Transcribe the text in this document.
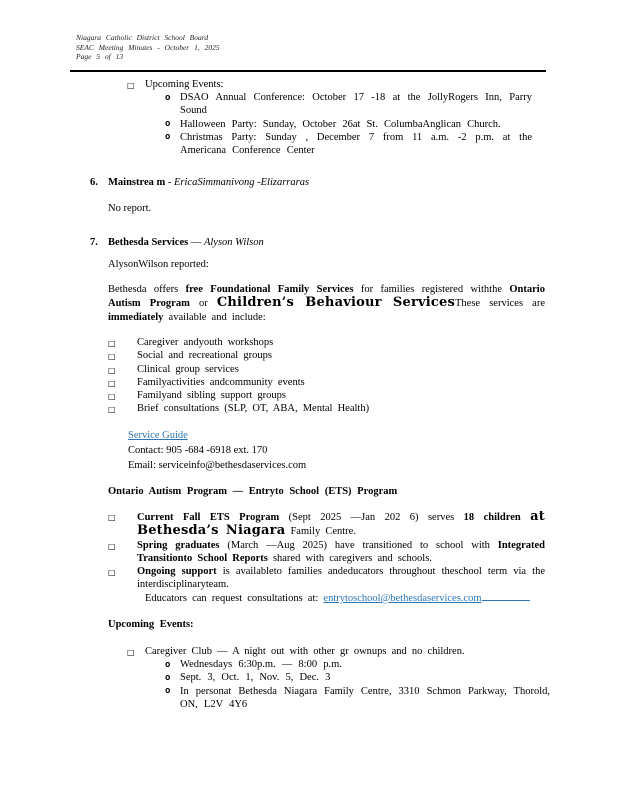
Niagara Catholic District School Board
SEAC Meeting Minutes - October 1, 2025
Page 5 of 13
□ Upcoming Events:
o DSAO Annual Conference: October 17 -18 at the JollyRogers Inn, Parry Sound
o Halloween Party: Sunday, October 26at St. ColumbaAnglican Church.
o Christmas Party: Sunday , December 7 from 11 a.m. -2 p.m. at the Americana Conference Center
6. Mainstrea m - EricaSimmanivong -Elizarraras
No report.
7. Bethesda Services — Alyson Wilson
AlysonWilson reported:
Bethesda offers free Foundational Family Services for families registered withthe Ontario Autism Program or Children’s Behaviour ServicesThese services are immediately available and include:
□	Caregiver andyouth workshops
□	Social and recreational groups
□	Clinical group services
□	Familyactivities andcommunity events
□	Familyand sibling support groups
□	Brief consultations (SLP, OT, ABA, Mental Health)
Service Guide
Contact: 905 -684 -6918 ext. 170
Email: serviceinfo@bethesdaservices.com
Ontario Autism Program — Entryto School (ETS) Program
□	Current Fall ETS Program (Sept 2025 —Jan 202 6) serves 18 children at Bethesda’s Niagara Family Centre.
□	Spring graduates (March —Aug 2025) have transitioned to school with Integrated Transitionto School Reports shared with caregivers and schools.
□	Ongoing support is availableto families andeducators throughout theschool term via the interdisciplinaryteam.
Educators can request consultations at: entrytoschool@bethesdaservices.com
Upcoming Events:
□ Caregiver Club — A night out with other gr ownups and no children.
o Wednesdays 6:30p.m. — 8:00 p.m.
o Sept. 3, Oct. 1, Nov. 5, Dec. 3
o In personat Bethesda Niagara Family Centre, 3310 Schmon Parkway, Thorold, ON, L2V 4Y6
